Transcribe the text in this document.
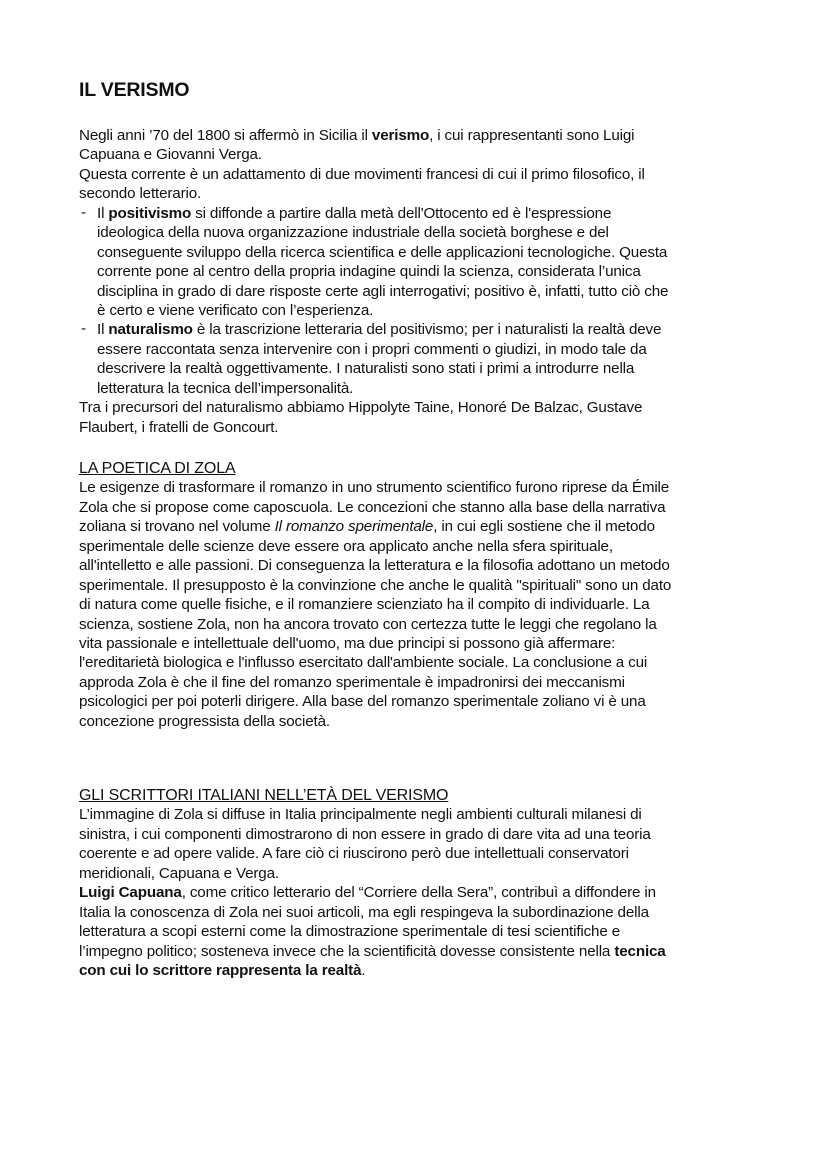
IL VERISMO
Negli anni ’70 del 1800 si affermò in Sicilia il verismo, i cui rappresentanti sono Luigi
Capuana e Giovanni Verga.
Questa corrente è un adattamento di due movimenti francesi di cui il primo filosofico, il
secondo letterario.
- Il positivismo si diffonde a partire dalla metà dell'Ottocento ed è l'espressione
ideologica della nuova organizzazione industriale della società borghese e del
conseguente sviluppo della ricerca scientifica e delle applicazioni tecnologiche. Questa
corrente pone al centro della propria indagine quindi la scienza, considerata l’unica
disciplina in grado di dare risposte certe agli interrogativi; positivo è, infatti, tutto ciò che
è certo e viene verificato con l’esperienza.
- Il naturalismo è la trascrizione letteraria del positivismo; per i naturalisti la realtà deve
essere raccontata senza intervenire con i propri commenti o giudizi, in modo tale da
descrivere la realtà oggettivamente. I naturalisti sono stati i primi a introdurre nella
letteratura la tecnica dell’impersonalità.
Tra i precursori del naturalismo abbiamo Hippolyte Taine, Honoré De Balzac, Gustave
Flaubert, i fratelli de Goncourt.
LA POETICA DI ZOLA
Le esigenze di trasformare il romanzo in uno strumento scientifico furono riprese da Émile
Zola che si propose come caposcuola. Le concezioni che stanno alla base della narrativa
zoliana si trovano nel volume Il romanzo sperimentale, in cui egli sostiene che il metodo
sperimentale delle scienze deve essere ora applicato anche nella sfera spirituale,
all'intelletto e alle passioni. Di conseguenza la letteratura e la filosofia adottano un metodo
sperimentale. Il presupposto è la convinzione che anche le qualità "spirituali" sono un dato
di natura come quelle fisiche, e il romanziere scienziato ha il compito di individuarle. La
scienza, sostiene Zola, non ha ancora trovato con certezza tutte le leggi che regolano la
vita passionale e intellettuale dell'uomo, ma due principi si possono già affermare:
l'ereditarietà biologica e l'influsso esercitato dall'ambiente sociale. La conclusione a cui
approda Zola è che il fine del romanzo sperimentale è impadronirsi dei meccanismi
psicologici per poi poterli dirigere. Alla base del romanzo sperimentale zoliano vi è una
concezione progressista della società.
GLI SCRITTORI ITALIANI NELL’ETÀ DEL VERISMO
L’immagine di Zola si diffuse in Italia principalmente negli ambienti culturali milanesi di
sinistra, i cui componenti dimostrarono di non essere in grado di dare vita ad una teoria
coerente e ad opere valide. A fare ciò ci riuscirono però due intellettuali conservatori
meridionali, Capuana e Verga.
Luigi Capuana, come critico letterario del “Corriere della Sera”, contribuì a diffondere in
Italia la conoscenza di Zola nei suoi articoli, ma egli respingeva la subordinazione della
letteratura a scopi esterni come la dimostrazione sperimentale di tesi scientifiche e
l’impegno politico; sosteneva invece che la scientificità dovesse consistente nella tecnica
con cui lo scrittore rappresenta la realtà.
